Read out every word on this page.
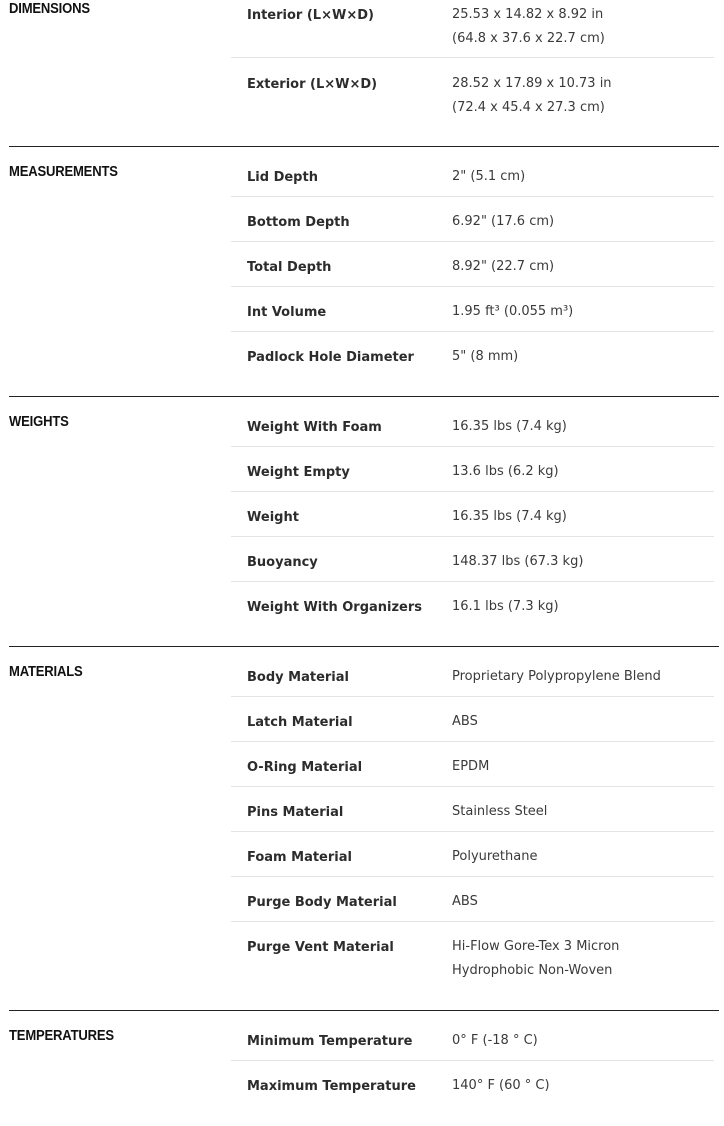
DIMENSIONS	Interior (L×W×D)	25.53 x 14.82 x 8.92 in
(64.8 x 37.6 x 22.7 cm)
Exterior (L×W×D)	28.52 x 17.89 x 10.73 in
(72.4 x 45.4 x 27.3 cm)
MEASUREMENTS	Lid Depth	2" (5.1 cm)
Bottom Depth	6.92" (17.6 cm)
Total Depth	8.92" (22.7 cm)
Int Volume	1.95 ft³ (0.055 m³)
Padlock Hole Diameter	5" (8 mm)
WEIGHTS	Weight With Foam	16.35 lbs (7.4 kg)
Weight Empty	13.6 lbs (6.2 kg)
Weight	16.35 lbs (7.4 kg)
Buoyancy	148.37 lbs (67.3 kg)
Weight With Organizers 16.1 lbs (7.3 kg)
MATERIALS	Body Material	Proprietary Polypropylene Blend
Latch Material	ABS
O-Ring Material	EPDM
Pins Material	Stainless Steel
Foam Material	Polyurethane
Purge Body Material	ABS
Purge Vent Material	Hi-Flow Gore-Tex 3 Micron
Hydrophobic Non-Woven
TEMPERATURES	Minimum Temperature	0° F (-18 ° C)
Maximum Temperature	140° F (60 ° C)
